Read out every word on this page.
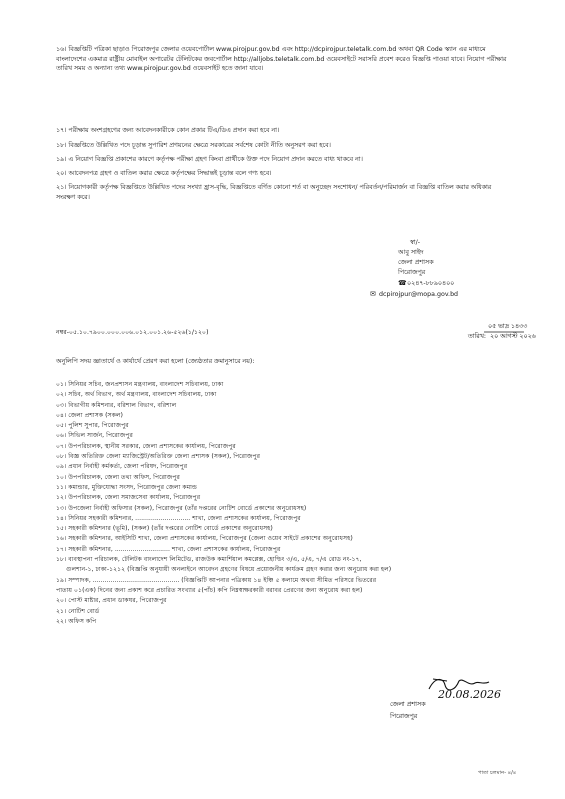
১৬। বিজ্ঞপ্তিটি পত্রিকা ছাড়াও পিরোজপুর জেলার ওয়েবপোর্টাল www.pirojpur.gov.bd এবং http://dcpirojpur.teletalk.com.bd অথবা QR Code স্ক্যান এর মাধ্যমে বাংলাদেশের একমাত্র রাষ্ট্রীয় মোবাইল অপারেটর টেলিটকের জবপোর্টাল http://alljobs.teletalk.com.bd ওয়েবসাইটে সরাসরি প্রবেশ করেও বিজ্ঞপ্তি পাওয়া যাবে। নিয়োগ পরীক্ষার তারিখ সময় ও অন্যান্য তথ্য www.pirojpur.gov.bd ওয়েবসাইট হতে জানা যাবে।
১৭। পরীক্ষায় অংশগ্রহণের জন্য আবেদনকারীকে কোন প্রকার টিএ/ডিএ প্রদান করা হবে না।
১৮। বিজ্ঞপ্তিতে উল্লিখিত পদে চূড়ান্ত সুপারিশ প্রণয়নের ক্ষেত্রে সরকারের সর্বশেষ কোটা নীতি অনুসরণ করা হবে।
১৯। এ নিয়োগ বিজ্ঞপ্তি প্রকাশের কারণে কর্তৃপক্ষ পরীক্ষা গ্রহণ কিংবা প্রার্থীকে উক্ত পদে নিয়োগ প্রদান করতে বাধ্য থাকবে না।
২০। আবেদনপত্র গ্রহণ ও বাতিল করার ক্ষেত্রে কর্তৃপক্ষের সিদ্ধান্তই চূড়ান্ত বলে গণ্য হবে।
২১। নিয়োগকারী কর্তৃপক্ষ বিজ্ঞপ্তিতে উল্লিখিত পদের সংখ্যা হ্রাস-বৃদ্ধি, বিজ্ঞপ্তিতে বর্ণিত কোনো শর্ত বা অনুচ্ছেদ সংশোধন/ পরিবর্তন/পরিমার্জন বা বিজ্ঞপ্তি বাতিল করার অধিকার সংরক্ষণ করে।
স্বা/-
আবু সাইদ
জেলা প্রশাসক
পিরোজপুর
☎০২৪৭-৮৮৯০৪০০
✉ dcpirojpur@mopa.gov.bd
নম্বর-০৫.১০.৭৯০০.০০০.০০৬.০১২.০০১.২৬-৫২৬(১/১২০)
০৫ ভাদ্র ১৪৩৩
তারিখ: ২০ আগস্ট ২০২৬
অনুলিপি সদয় জ্ঞাতার্থে ও কার্যার্থে প্রেরণ করা হলো (জ্যেষ্ঠতার ক্রমানুসারে নয়):
০১। সিনিয়র সচিব, জনপ্রশাসন মন্ত্রণালয়, বাংলাদেশ সচিবালয়, ঢাকা
০২। সচিব, অর্থ বিভাগ, অর্থ মন্ত্রণালয়, বাংলাদেশ সচিবালয়, ঢাকা
০৩। বিভাগীয় কমিশনার, বরিশাল বিভাগ, বরিশাল
০৪। জেলা প্রশাসক (সকল)
০৫। পুলিশ সুপার, পিরোজপুর
০৬। সিভিল সার্জন, পিরোজপুর
০৭। উপপরিচালক, স্থানীয় সরকার, জেলা প্রশাসকের কার্যালয়, পিরোজপুর
০৮। বিজ্ঞ অতিরিক্ত জেলা ম্যাজিস্ট্রেট/অতিরিক্ত জেলা প্রশাসক (সকল), পিরোজপুর
০৯। প্রধান নির্বাহী কর্মকর্তা, জেলা পরিষদ, পিরোজপুর
১০। উপপরিচালক, জেলা তথ্য অফিস, পিরোজপুর
১১। কমান্ডার, মুক্তিযোদ্ধা সংসদ, পিরোজপুর জেলা কমান্ড
১২। উপপরিচালক, জেলা সমাজসেবা কার্যালয়, পিরোজপুর
১৩। উপজেলা নির্বাহী অফিসার (সকল), পিরোজপুর (তাঁর দপ্তরের নোটিশ বোর্ডে প্রকাশের অনুরোধসহ)
১৪। সিনিয়র সহকারী কমিশনার, ............................ শাখা, জেলা প্রশাসকের কার্যালয়, পিরোজপুর
১৫। সহকারী কমিশনার (ভূমি), (সকল) (তাঁর দপ্তরের নোটিশ বোর্ডে প্রকাশের অনুরোধসহ)
১৬। সহকারী কমিশনার, আইসিটি শাখা, জেলা প্রশাসকের কার্যালয়, পিরোজপুর (জেলা ওয়েব সাইটে প্রকাশের অনুরোধসহ)
১৭। সহকারী কমিশনার, ............................ শাখা, জেলা প্রশাসকের কার্যালয়, পিরোজপুর
১৮। ব্যবস্থাপনা পরিচালক, টেলিটক বাংলাদেশ লিমিটেড, রাজউক কমার্শিয়াল কমপ্লেক্স, হোল্ডিং ৩/এ, ৫/এ, ৭/এ রোড নং-১৭,
গুলশান-১, ঢাকা-১২১২ (বিজ্ঞপ্তি অনুযায়ী অনলাইনে আবেদন গ্রহণের বিষয়ে প্রয়োজনীয় কার্যক্রম গ্রহণ করার জন্য অনুরোধ করা হল)
১৯। সম্পাদক, ............................................ (বিজ্ঞপ্তিটি আপনার পত্রিকায় ১৪ ইঞ্চি ৫ কলামে অথবা সীমিত পরিসরে ভিতরের
পাতায় ০১(এক) দিনের জন্য প্রকাশ করে প্রচারিত সংখ্যার ৫(পাঁচ) কপি নিম্নস্বাক্ষরকারী বরাবর প্রেরণের জন্য অনুরোধ করা হল)
২০। পোস্ট মাষ্টার, প্রধান ডাকঘর, পিরোজপুর
২১। নোটিশ বোর্ড
২২। অফিস কপি
20.08.2026
জেলা প্রশাসক
পিরোজপুর
পাতা চলমান- ৪/৪
